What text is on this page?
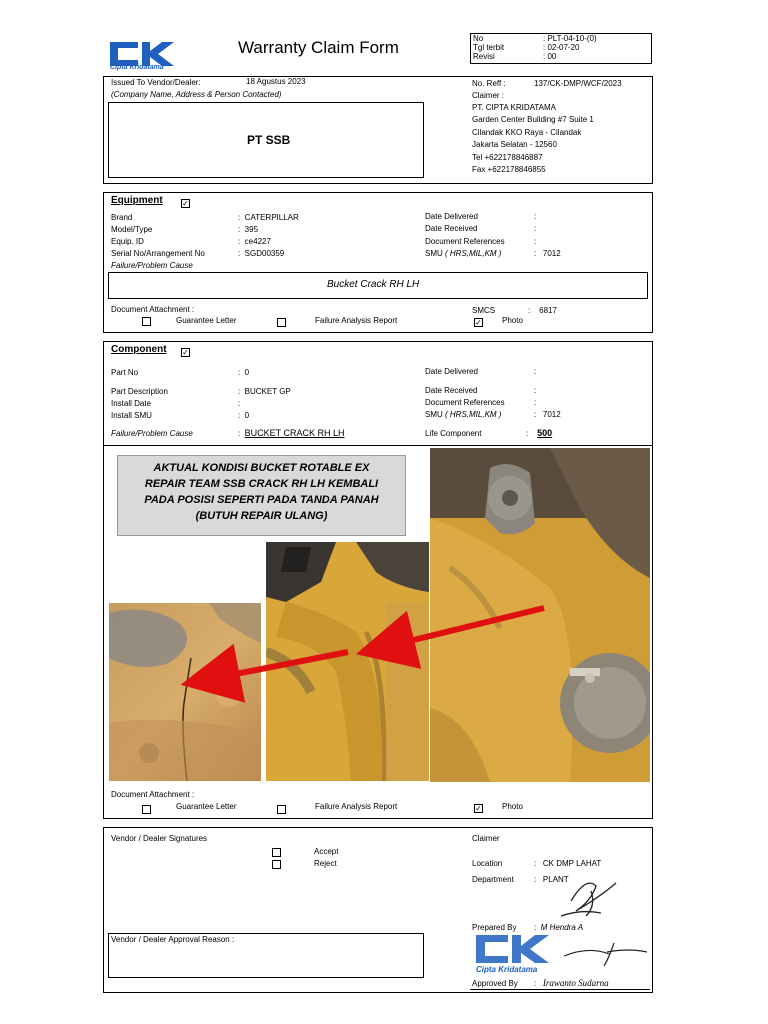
Cipta Kridatama
Warranty Claim Form	No	: PLT-04-10-(0)
Tgl terbit	: 02-07-20
Revisi	: 00
Issued To Vendor/Dealer:	18 Agustus 2023
(Company Name, Address & Person Contacted)
PT SSB
No. Reff :	137/CK-DMP/WCF/2023
Claimer :
PT. CIPTA KRIDATAMA
Garden Center Building #7 Suite 1
Cilandak KKO Raya - Cilandak
Jakarta Selatan - 12560
Tel +622178846887
Fax +622178846855
Equipment ✓
Brand	:  CATERPILLAR
Model/Type	:  395
Equip. ID	:  ce4227
Serial No/Arrangement No	:  SGD00359
Failure/Problem Cause
Date Delivered	:
Date Received	:
Document References	:
SMU ( HRS,MIL,KM )	:   7012
Bucket Crack RH LH
Document Attachment :	SMCS	:    6817
Guarantee Letter	Failure Analysis Report	✓	Photo
Component ✓
Part No	:  0
Part Description	:  BUCKET GP
Install Date	:
Install SMU	:  0
Failure/Problem Cause	:  BUCKET CRACK RH LH
Date Delivered	:
Date Received	:
Document References	:
SMU ( HRS,MIL,KM )	:   7012
Life Component	:    500
AKTUAL KONDISI BUCKET ROTABLE EX
REPAIR TEAM SSB CRACK RH LH KEMBALI
PADA POSISI SEPERTI PADA TANDA PANAH
(BUTUH REPAIR ULANG)
Document Attachment :
Guarantee Letter	Failure Analysis Report	✓	Photo
Vendor / Dealer Signatures
Accept
Reject
Vendor / Dealer Approval Reason :
Claimer
Location	:   CK DMP LAHAT
Department	:   PLANT
Prepared By :  M Hendra A
Cipta Kridatama
Approved By :   Irawanto Sudarna
